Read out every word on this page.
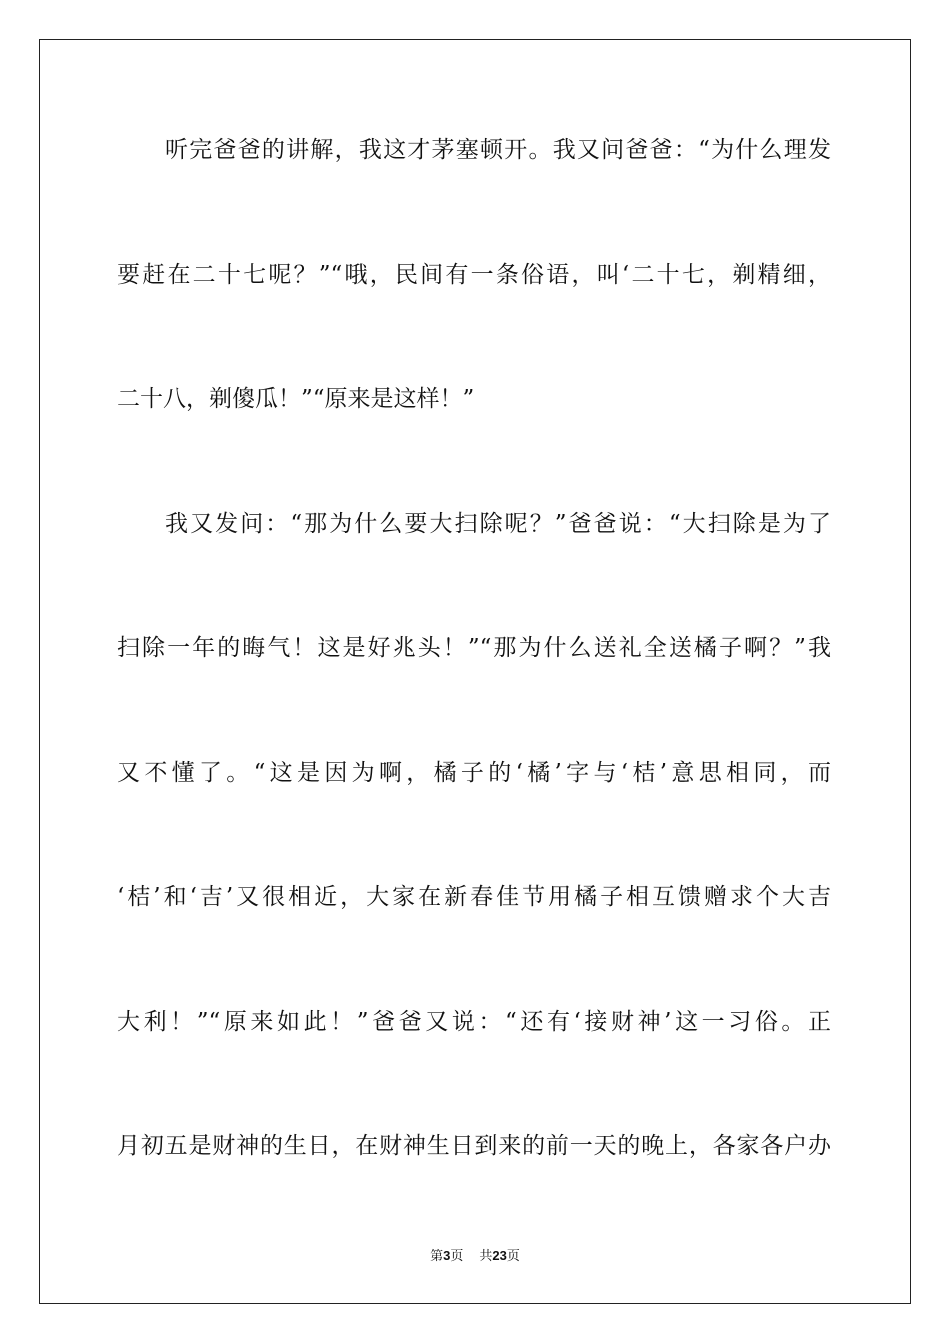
听完爸爸的讲解，我这才茅塞顿开。我又问爸爸：“为什么理发
要赶在二十七呢？”“哦，民间有一条俗语，叫‘二十七，剃精细，
二十八，剃傻瓜！”“原来是这样！”
我又发问：“那为什么要大扫除呢？”爸爸说：“大扫除是为了
扫除一年的晦气！这是好兆头！”“那为什么送礼全送橘子啊？”我
又不懂了。“这是因为啊，橘子的‘橘’字与‘桔’意思相同，而
‘桔’和‘吉’又很相近，大家在新春佳节用橘子相互馈赠求个大吉
大利！”“原来如此！”爸爸又说：“还有‘接财神’这一习俗。正
月初五是财神的生日，在财神生日到来的前一天的晚上，各家各户办
第3页 共23页
